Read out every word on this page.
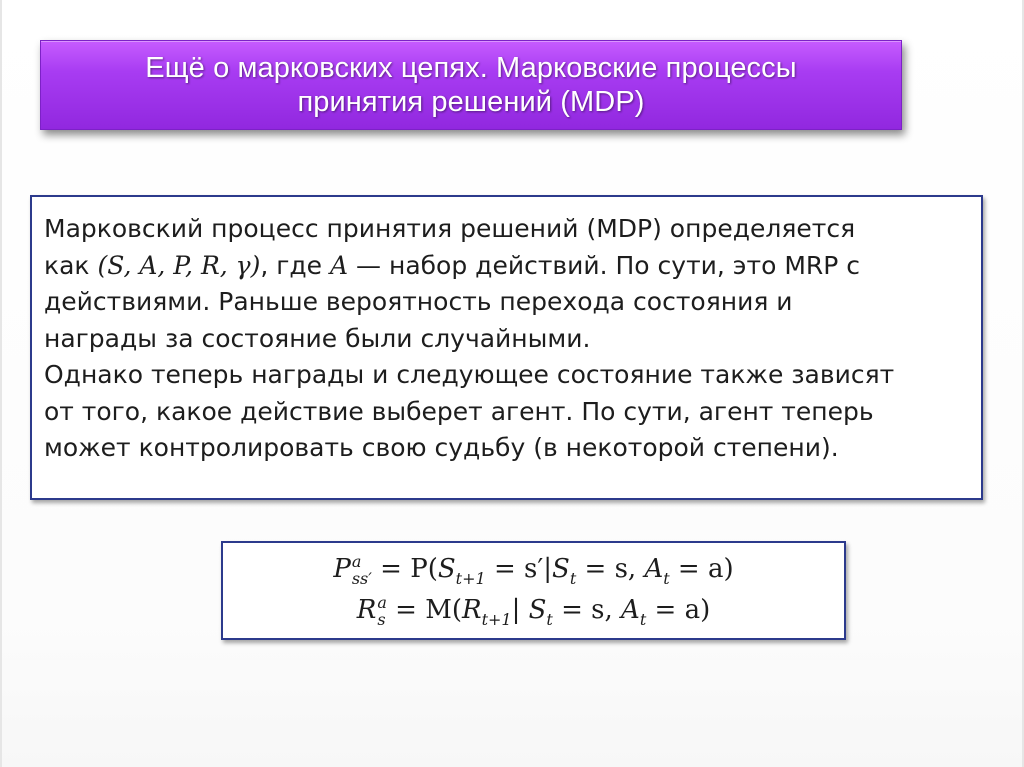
Ещё о марковских цепях. Марковские процессы
принятия решений (MDP)
Марковский процесс принятия решений (MDP) определяется
как (S, A, P, R, γ), где A — набор действий. По сути, это MRP с
действиями. Раньше вероятность перехода состояния и
награды за состояние были случайными.
Однако теперь награды и следующее состояние также зависят
от того, какое действие выберет агент. По сути, агент теперь
может контролировать свою судьбу (в некоторой степени).
P a
$ss' = P(S_{t+1} = s'|S_t = s$, $A_t = a$)
R a
$s = M(R_{t+1}|$ $S_t = s$, $A_t = a$)
